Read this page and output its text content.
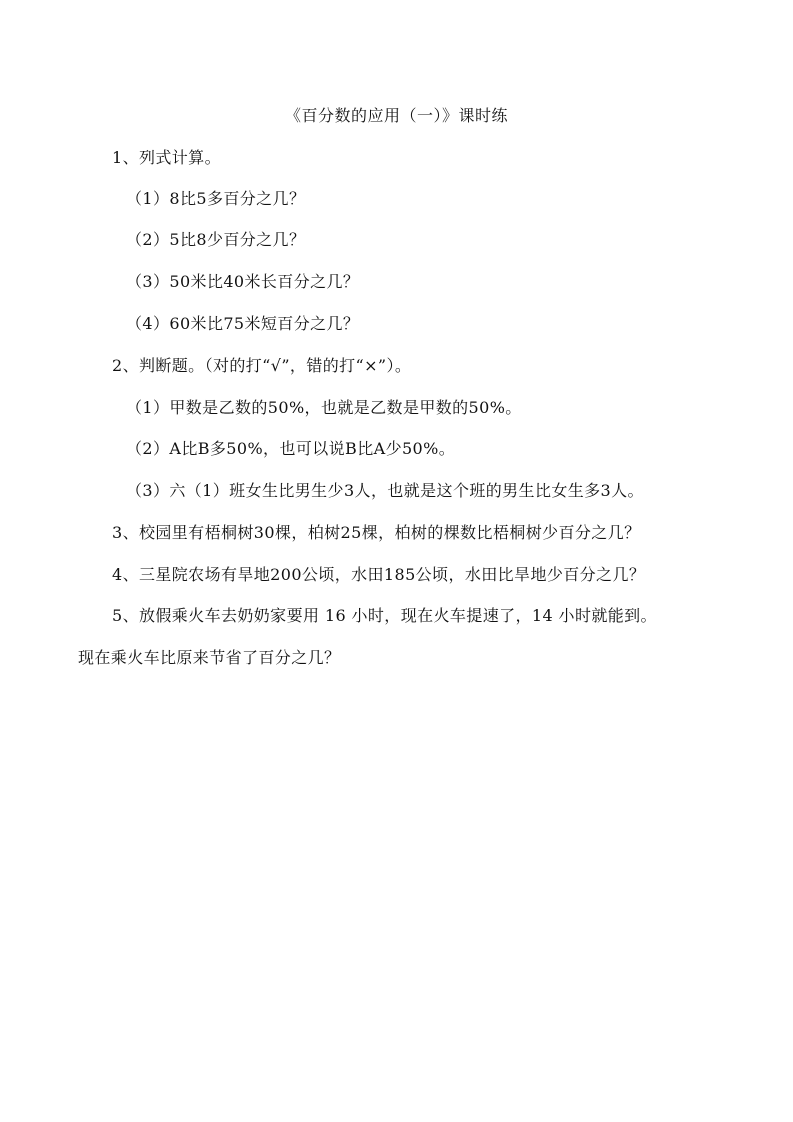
《百分数的应用（一）》课时练
1、列式计算。
（1）8比5多百分之几？
（2）5比8少百分之几？
（3）50米比40米长百分之几？
（4）60米比75米短百分之几？
2、判断题。（对的打“√”，错的打“×”）。
（1）甲数是乙数的50%，也就是乙数是甲数的50%。
（2）A比B多50%，也可以说B比A少50%。
（3）六（1）班女生比男生少3人，也就是这个班的男生比女生多3人。
3、校园里有梧桐树30棵，柏树25棵，柏树的棵数比梧桐树少百分之几？
4、三星院农场有旱地200公顷，水田185公顷，水田比旱地少百分之几？
5、放假乘火车去奶奶家要用 16 小时，现在火车提速了，14 小时就能到。
现在乘火车比原来节省了百分之几？
